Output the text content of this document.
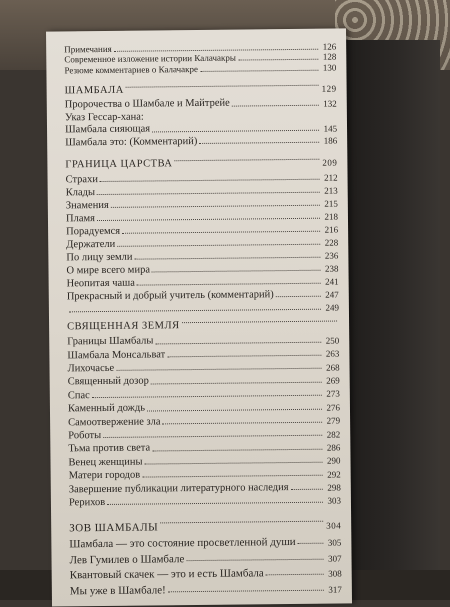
Примечания	126
Современное изложение истории Калачакры	128
Резюме комментариев о Калачакре	130
ШАМБАЛА	129
Пророчества о Шамбале и Майтрейе	132
Указ Гессар-хана:
Шамбала сияющая	145
Шамбала это: (Комментарий)	186
ГРАНИЦА ЦАРСТВА	209
Страхи	212
Клады	213
Знамения	215
Пламя	218
Порадуемся	216
Держатели	228
По лицу земли	236
О мире всего мира	238
Неопитая чаша	241
Прекрасный и добрый учитель (комментарий)	247
249
СВЯЩЕННАЯ ЗЕМЛЯ
Границы Шамбалы	250
Шамбала Монсальват	263
Лихочасье	268
Священный дозор	269
Спас	273
Каменный дождь	276
Самоотвержение зла	279
Роботы	282
Тьма против света	286
Венец женщины	290
Матери городов	292
Завершение публикации литературного наследия	298
Рерихов	303
ЗОВ ШАМБАЛЫ	304
Шамбала — это состояние просветленной души	305
Лев Гумилев о Шамбале	307
Квантовый скачек — это и есть Шамбала	308
Мы уже в Шамбале!	317
